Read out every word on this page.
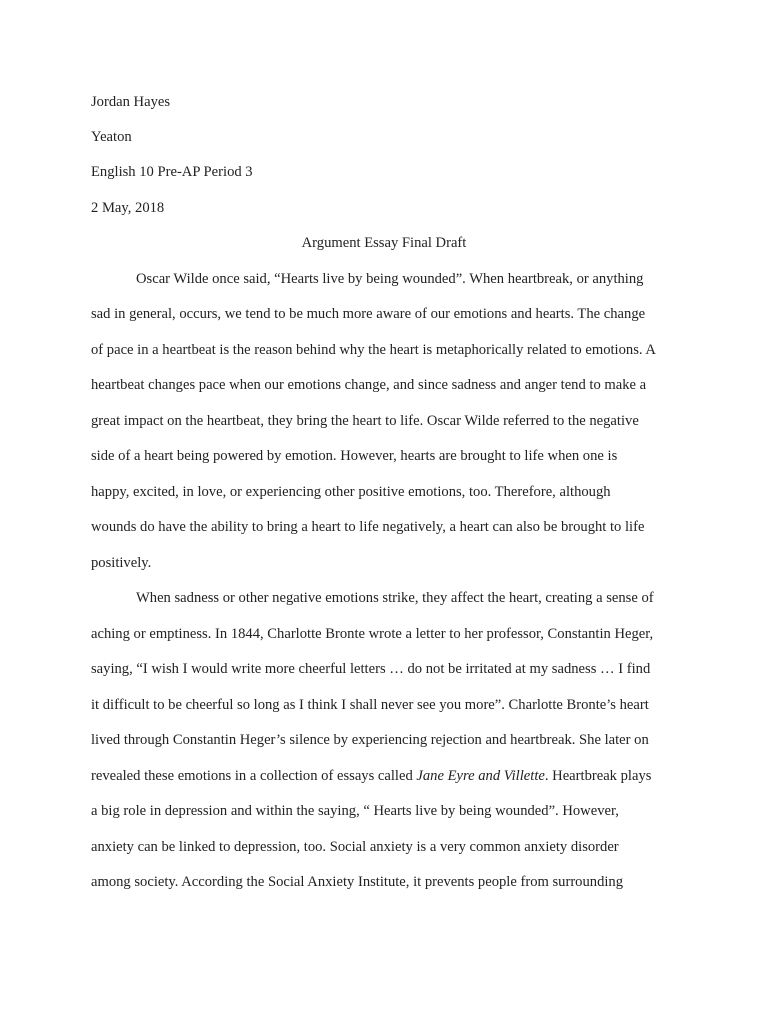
Jordan Hayes
Yeaton
English 10 Pre-AP Period 3
2 May, 2018
Argument Essay Final Draft
Oscar Wilde once said, “Hearts live by being wounded”. When heartbreak, or anything
sad in general, occurs, we tend to be much more aware of our emotions and hearts. The change
of pace in a heartbeat is the reason behind why the heart is metaphorically related to emotions. A
heartbeat changes pace when our emotions change, and since sadness and anger tend to make a
great impact on the heartbeat, they bring the heart to life. Oscar Wilde referred to the negative
side of a heart being powered by emotion. However, hearts are brought to life when one is
happy, excited, in love, or experiencing other positive emotions, too. Therefore, although
wounds do have the ability to bring a heart to life negatively, a heart can also be brought to life
positively.
When sadness or other negative emotions strike, they affect the heart, creating a sense of
aching or emptiness. In 1844, Charlotte Bronte wrote a letter to her professor, Constantin Heger,
saying, “I wish I would write more cheerful letters … do not be irritated at my sadness … I find
it difficult to be cheerful so long as I think I shall never see you more”. Charlotte Bronte’s heart
lived through Constantin Heger’s silence by experiencing rejection and heartbreak. She later on
revealed these emotions in a collection of essays called Jane Eyre and Villette. Heartbreak plays
a big role in depression and within the saying, “ Hearts live by being wounded”. However,
anxiety can be linked to depression, too. Social anxiety is a very common anxiety disorder
among society. According the Social Anxiety Institute, it prevents people from surrounding
